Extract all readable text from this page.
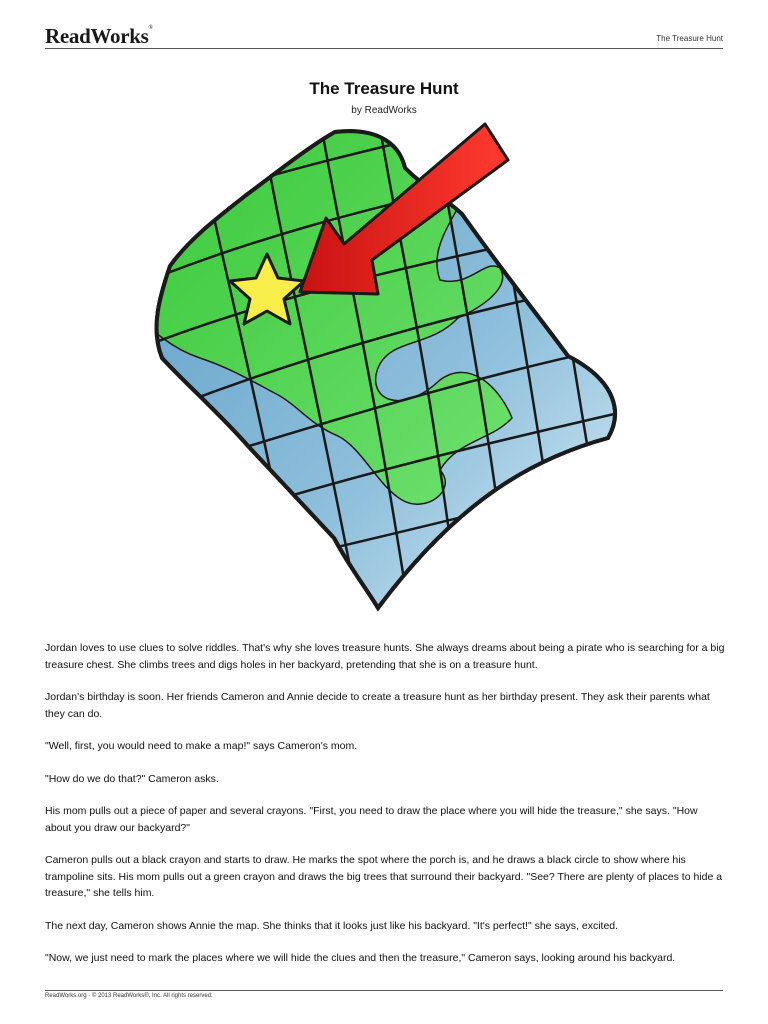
ReadWorks®
The Treasure Hunt
The Treasure Hunt
by ReadWorks

Jordan loves to use clues to solve riddles. That's why she loves treasure hunts. She always dreams about being a pirate who is searching for a big treasure chest. She climbs trees and digs holes in her backyard, pretending that she is on a treasure hunt.

Jordan's birthday is soon. Her friends Cameron and Annie decide to create a treasure hunt as her birthday present. They ask their parents what they can do.

"Well, first, you would need to make a map!" says Cameron's mom.

"How do we do that?" Cameron asks.

His mom pulls out a piece of paper and several crayons. "First, you need to draw the place where you will hide the treasure," she says. "How about you draw our backyard?"

Cameron pulls out a black crayon and starts to draw. He marks the spot where the porch is, and he draws a black circle to show where his trampoline sits. His mom pulls out a green crayon and draws the big trees that surround their backyard. "See? There are plenty of places to hide a treasure," she tells him.

The next day, Cameron shows Annie the map. She thinks that it looks just like his backyard. "It's perfect!" she says, excited.

"Now, we just need to mark the places where we will hide the clues and then the treasure," Cameron says, looking around his backyard.

ReadWorks.org · © 2013 ReadWorks®, Inc. All rights reserved.
